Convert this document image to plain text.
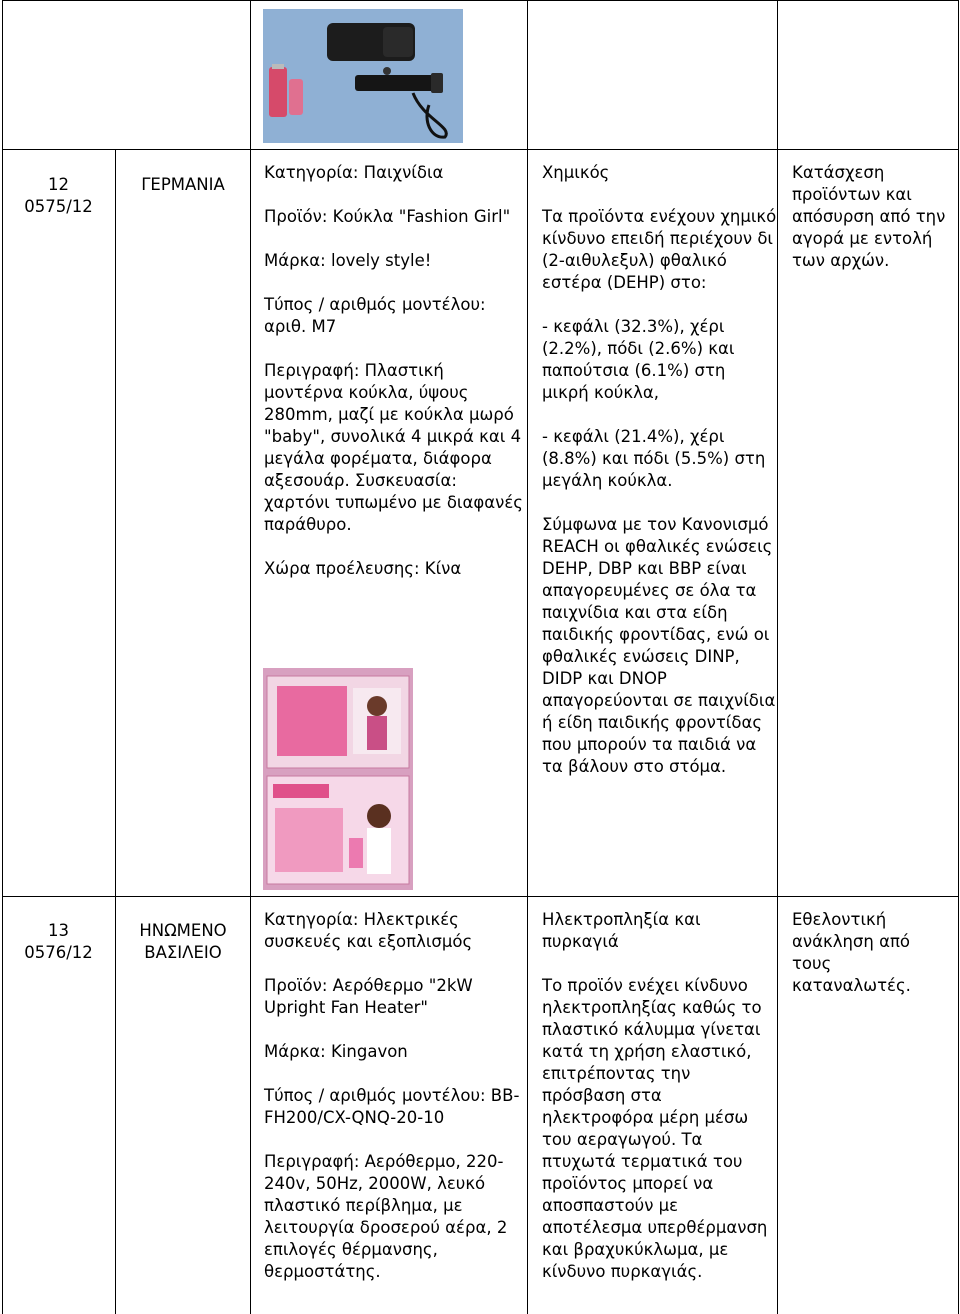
12
0575/12
ΓΕΡΜΑΝΙΑ

Κατηγορία: Παιχνίδια

Προϊόν: Κούκλα "Fashion Girl"

Μάρκα: lovely style!

Τύπος / αριθμός μοντέλου: αριθ. M7

Περιγραφή: Πλαστική μοντέρνα κούκλα, ύψους 280mm, μαζί με κούκλα μωρό "baby", συνολικά 4 μικρά και 4 μεγάλα φορέματα, διάφορα αξεσουάρ. Συσκευασία: χαρτόνι τυπωμένο με διαφανές παράθυρο.

Χώρα προέλευσης: Κίνα

Χημικός

Τα προϊόντα ενέχουν χημικό κίνδυνο επειδή περιέχουν δι (2-αιθυλεξυλ) φθαλικό εστέρα (DEHP) στο:

- κεφάλι (32.3%), χέρι (2.2%), πόδι (2.6%) και παπούτσια (6.1%) στη μικρή κούκλα,

- κεφάλι (21.4%), χέρι (8.8%) και πόδι (5.5%) στη μεγάλη κούκλα.

Σύμφωνα με τον Κανονισμό REACH οι φθαλικές ενώσεις DEHP, DBP και BBP είναι απαγορευμένες σε όλα τα παιχνίδια και στα είδη παιδικής φροντίδας, ενώ οι φθαλικές ενώσεις DINP, DIDP και DNOP απαγορεύονται σε παιχνίδια ή είδη παιδικής φροντίδας που μπορούν τα παιδιά να τα βάλουν στο στόμα.

Κατάσχεση προϊόντων και απόσυρση από την αγορά με εντολή των αρχών.
13
0576/12
ΗΝΩΜΕΝΟ ΒΑΣΙΛΕΙΟ

Κατηγορία: Ηλεκτρικές συσκευές και εξοπλισμός

Προϊόν: Αερόθερμο "2kW Upright Fan Heater"

Μάρκα: Kingavon

Τύπος / αριθμός μοντέλου: BB-FH200/CX-QNQ-20-10

Περιγραφή: Αερόθερμο, 220-240v, 50Hz, 2000W, λευκό πλαστικό περίβλημα, με λειτουργία δροσερού αέρα, 2 επιλογές θέρμανσης, θερμοστάτης.

Ηλεκτροπληξία και πυρκαγιά

Το προϊόν ενέχει κίνδυνο ηλεκτροπληξίας καθώς το πλαστικό κάλυμμα γίνεται κατά τη χρήση ελαστικό, επιτρέποντας την πρόσβαση στα ηλεκτροφόρα μέρη μέσω του αεραγωγού. Τα πτυχωτά τερματικά του προϊόντος μπορεί να αποσπαστούν με αποτέλεσμα υπερθέρμανση και βραχυκύκλωμα, με κίνδυνο πυρκαγιάς.

Εθελοντική ανάκληση από τους καταναλωτές.
